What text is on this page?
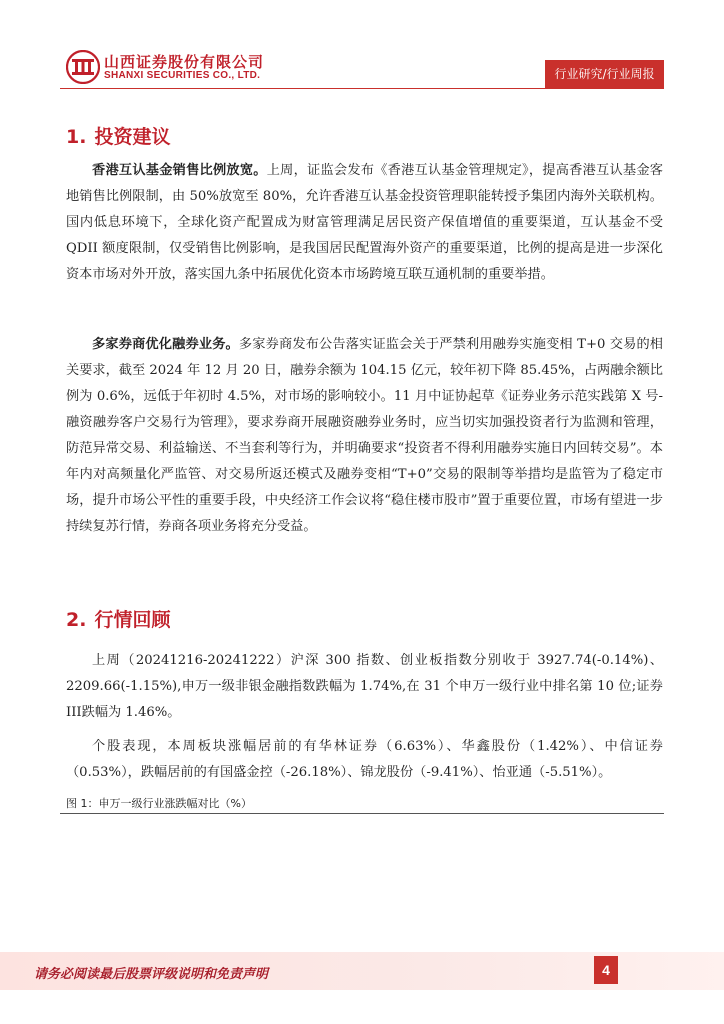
山西证券股份有限公司
SHANXI SECURITIES CO., LTD.	行业研究/行业周报
1. 投资建议

香港互认基金销售比例放宽。上周，证监会发布《香港互认基金管理规定》，提高香港互认基金客地销售比例限制，由 50%放宽至 80%，允许香港互认基金投资管理职能转授予集团内海外关联机构。国内低息环境下，全球化资产配置成为财富管理满足居民资产保值增值的重要渠道，互认基金不受 QDII 额度限制，仅受销售比例影响，是我国居民配置海外资产的重要渠道，比例的提高是进一步深化资本市场对外开放，落实国九条中拓展优化资本市场跨境互联互通机制的重要举措。

多家券商优化融券业务。多家券商发布公告落实证监会关于严禁利用融券实施变相 T+0 交易的相关要求，截至 2024 年 12 月 20 日，融券余额为 104.15 亿元，较年初下降 85.45%，占两融余额比例为 0.6%，远低于年初时 4.5%，对市场的影响较小。11 月中证协起草《证券业务示范实践第 X 号-融资融券客户交易行为管理》，要求券商开展融资融券业务时，应当切实加强投资者行为监测和管理，防范异常交易、利益输送、不当套利等行为，并明确要求“投资者不得利用融券实施日内回转交易”。本年内对高频量化严监管、对交易所返还模式及融券变相“T+0”交易的限制等举措均是监管为了稳定市场，提升市场公平性的重要手段，中央经济工作会议将“稳住楼市股市”置于重要位置，市场有望进一步持续复苏行情，券商各项业务将充分受益。

2. 行情回顾

上周（20241216-20241222）沪深 300 指数、创业板指数分别收于 3927.74(-0.14%)、2209.66(-1.15%),申万一级非银金融指数跌幅为 1.74%,在 31 个申万一级行业中排名第 10 位;证券III跌幅为 1.46%。

个股表现，本周板块涨幅居前的有华林证券（6.63%）、华鑫股份（1.42%）、中信证券（0.53%），跌幅居前的有国盛金控（-26.18%）、锦龙股份（-9.41%）、怡亚通（-5.51%）。

图 1：申万一级行业涨跌幅对比（%）
请务必阅读最后股票评级说明和免责声明	4
